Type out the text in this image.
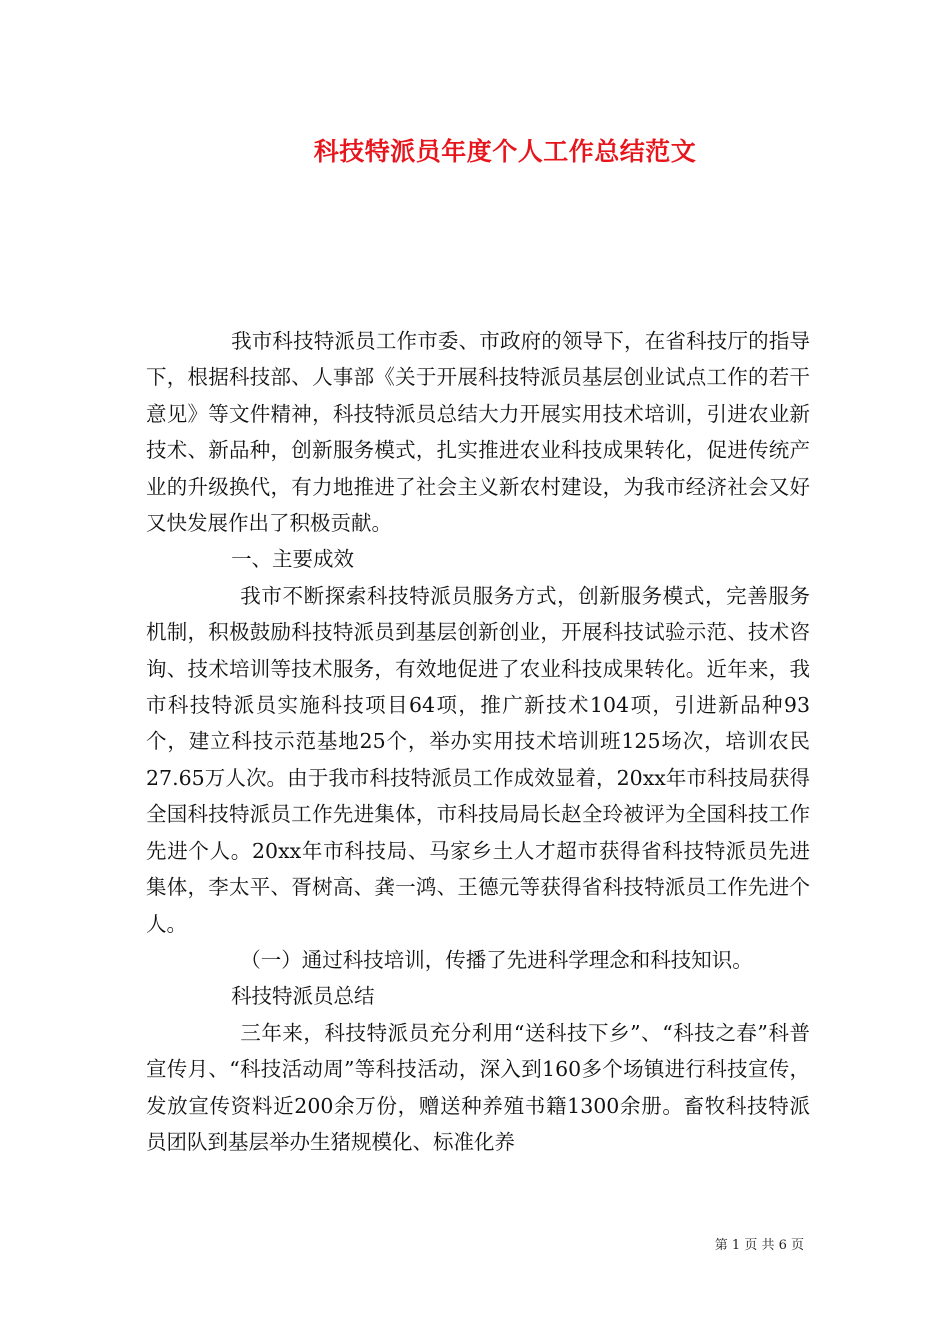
科技特派员年度个人工作总结范文

我市科技特派员工作市委、市政府的领导下，在省科技厅的指导下，根据科技部、人事部《关于开展科技特派员基层创业试点工作的若干意见》等文件精神，科技特派员总结大力开展实用技术培训，引进农业新技术、新品种，创新服务模式，扎实推进农业科技成果转化，促进传统产业的升级换代，有力地推进了社会主义新农村建设，为我市经济社会又好又快发展作出了积极贡献。

一、主要成效

我市不断探索科技特派员服务方式，创新服务模式，完善服务机制，积极鼓励科技特派员到基层创新创业，开展科技试验示范、技术咨询、技术培训等技术服务，有效地促进了农业科技成果转化。近年来，我市科技特派员实施科技项目64项，推广新技术104项，引进新品种93个，建立科技示范基地25个，举办实用技术培训班125场次，培训农民27.65万人次。由于我市科技特派员工作成效显着，20xx年市科技局获得全国科技特派员工作先进集体，市科技局局长赵全玲被评为全国科技工作先进个人。20xx年市科技局、马家乡土人才超市获得省科技特派员先进集体，李太平、胥树高、龚一鸿、王德元等获得省科技特派员工作先进个人。

（一）通过科技培训，传播了先进科学理念和科技知识。

科技特派员总结

三年来，科技特派员充分利用“送科技下乡”、“科技之春”科普宣传月、“科技活动周”等科技活动，深入到160多个场镇进行科技宣传，发放宣传资料近200余万份，赠送种养殖书籍1300余册。畜牧科技特派员团队到基层举办生猪规模化、标准化养

第 1 页 共 6 页
